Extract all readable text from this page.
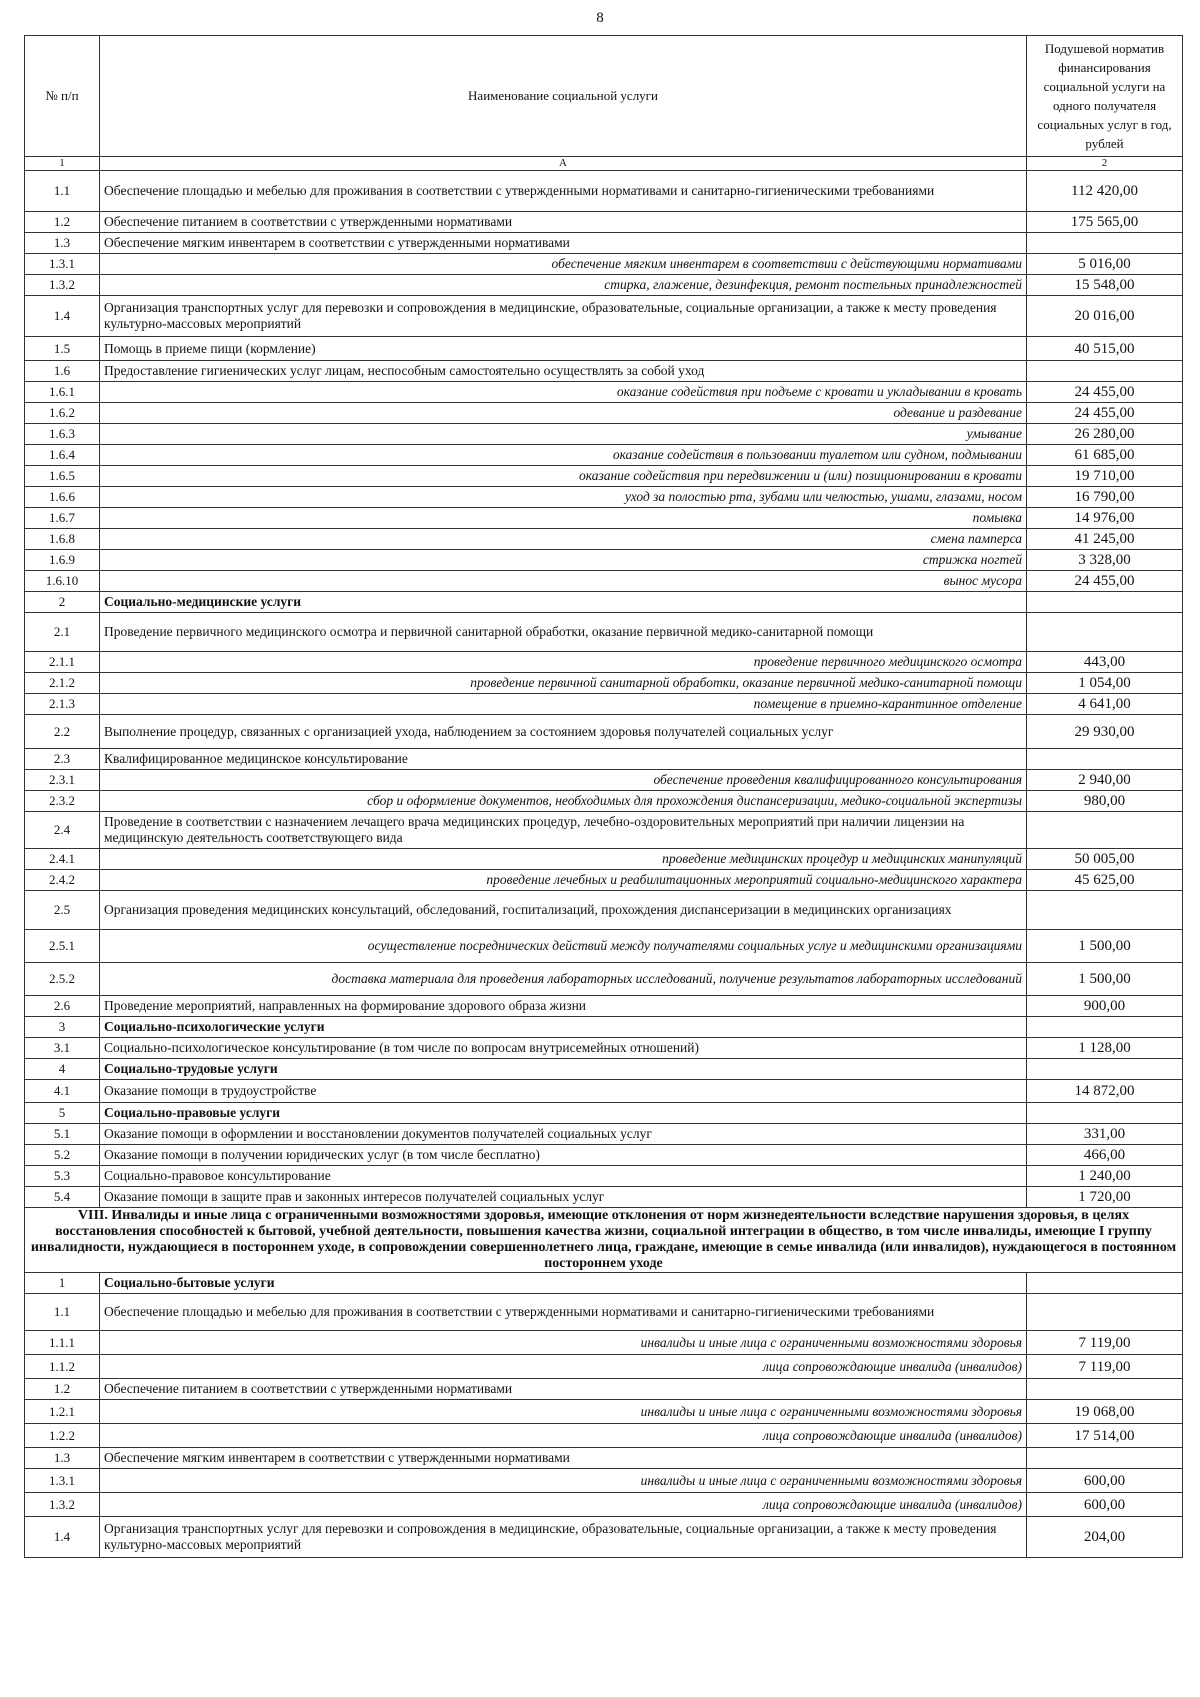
8
№ п/п	Наименование социальной услуги	Подушевой норматив финансирования социальной услуги на одного получателя социальных услуг в год, рублей
1	А	2
1.1	Обеспечение площадью и мебелью для проживания в соответствии с утвержденными нормативами и санитарно-гигиеническими требованиями	112 420,00
1.2	Обеспечение питанием в соответствии с утвержденными нормативами	175 565,00
1.3	Обеспечение мягким инвентарем в соответствии с утвержденными нормативами	
1.3.1	обеспечение мягким инвентарем в соответствии с действующими нормативами	5 016,00
1.3.2	стирка, глажение, дезинфекция, ремонт постельных принадлежностей	15 548,00
1.4	Организация транспортных услуг для перевозки и сопровождения в медицинские, образовательные, социальные организации, а также к месту проведения культурно-массовых мероприятий	20 016,00
1.5	Помощь в приеме пищи (кормление)	40 515,00
1.6	Предоставление гигиенических услуг лицам, неспособным самостоятельно осуществлять за собой уход	
1.6.1	оказание содействия при подъеме с кровати и укладывании в кровать	24 455,00
1.6.2	одевание и раздевание	24 455,00
1.6.3	умывание	26 280,00
1.6.4	оказание содействия в пользовании туалетом или судном, подмывании	61 685,00
1.6.5	оказание содействия при передвижении и (или) позиционировании в кровати	19 710,00
1.6.6	уход за полостью рта, зубами или челюстью, ушами, глазами, носом	16 790,00
1.6.7	помывка	14 976,00
1.6.8	смена памперса	41 245,00
1.6.9	стрижка ногтей	3 328,00
1.6.10	вынос мусора	24 455,00
2	Социально-медицинские услуги	
2.1	Проведение первичного медицинского осмотра и первичной санитарной обработки, оказание первичной медико-санитарной помощи	
2.1.1	проведение первичного медицинского осмотра	443,00
2.1.2	проведение первичной санитарной обработки, оказание первичной медико-санитарной помощи	1 054,00
2.1.3	помещение в приемно-карантинное отделение	4 641,00
2.2	Выполнение процедур, связанных с организацией ухода, наблюдением за состоянием здоровья получателей социальных услуг	29 930,00
2.3	Квалифицированное медицинское консультирование	
2.3.1	обеспечение проведения квалифицированного консультирования	2 940,00
2.3.2	сбор и оформление документов, необходимых для прохождения диспансеризации, медико-социальной экспертизы	980,00
2.4	Проведение в соответствии с назначением лечащего врача медицинских процедур, лечебно-оздоровительных мероприятий при наличии лицензии на медицинскую деятельность соответствующего вида	
2.4.1	проведение медицинских процедур и медицинских манипуляций	50 005,00
2.4.2	проведение лечебных и реабилитационных мероприятий социально-медицинского характера	45 625,00
2.5	Организация проведения медицинских консультаций, обследований, госпитализаций, прохождения диспансеризации в медицинских организациях	
2.5.1	осуществление посреднических действий между получателями социальных услуг и медицинскими организациями	1 500,00
2.5.2	доставка материала для проведения лабораторных исследований, получение результатов лабораторных исследований	1 500,00
2.6	Проведение мероприятий, направленных на формирование здорового образа жизни	900,00
3	Социально-психологические услуги	
3.1	Социально-психологическое консультирование (в том числе по вопросам внутрисемейных отношений)	1 128,00
4	Социально-трудовые услуги	
4.1	Оказание помощи в трудоустройстве	14 872,00
5	Социально-правовые услуги	
5.1	Оказание помощи в оформлении и восстановлении документов получателей социальных услуг	331,00
5.2	Оказание помощи в получении юридических услуг (в том числе бесплатно)	466,00
5.3	Социально-правовое консультирование	1 240,00
5.4	Оказание помощи в защите прав и законных интересов получателей социальных услуг	1 720,00
VIII. Инвалиды и иные лица с ограниченными возможностями здоровья, имеющие отклонения от норм жизнедеятельности вследствие нарушения здоровья, в целях восстановления способностей к бытовой, учебной деятельности, повышения качества жизни, социальной интеграции в общество, в том числе инвалиды, имеющие I группу инвалидности, нуждающиеся в постороннем уходе, в сопровождении совершеннолетнего лица, граждане, имеющие в семье инвалида (или инвалидов), нуждающегося в постоянном постороннем уходе		
1	Социально-бытовые услуги	
1.1	Обеспечение площадью и мебелью для проживания в соответствии с утвержденными нормативами и санитарно-гигиеническими требованиями	
1.1.1	инвалиды и иные лица с ограниченными возможностями здоровья	7 119,00
1.1.2	лица сопровождающие инвалида (инвалидов)	7 119,00
1.2	Обеспечение питанием в соответствии с утвержденными нормативами	
1.2.1	инвалиды и иные лица с ограниченными возможностями здоровья	19 068,00
1.2.2	лица сопровождающие инвалида (инвалидов)	17 514,00
1.3	Обеспечение мягким инвентарем в соответствии с утвержденными нормативами	
1.3.1	инвалиды и иные лица с ограниченными возможностями здоровья	600,00
1.3.2	лица сопровождающие инвалида (инвалидов)	600,00
1.4	Организация транспортных услуг для перевозки и сопровождения в медицинские, образовательные, социальные организации, а также к месту проведения культурно-массовых мероприятий	204,00
